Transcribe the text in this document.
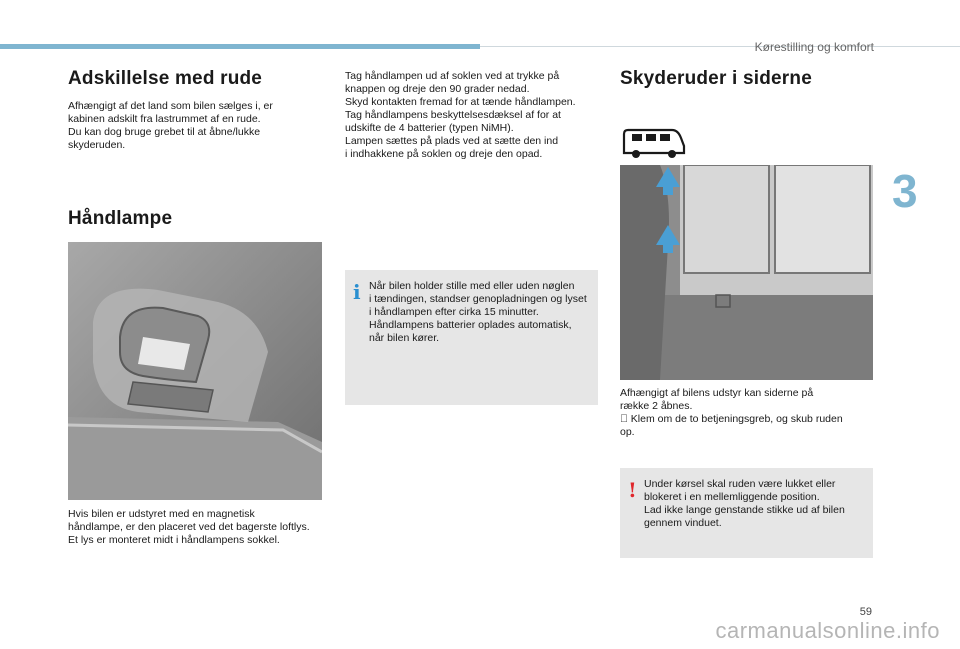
Kørestilling og komfort
3
Adskillelse med rude

Afhængigt af det land som bilen sælges i, er
kabinen adskilt fra lastrummet af en rude.
Du kan dog bruge grebet til at åbne/lukke
skyderuden.

Håndlampe

Hvis bilen er udstyret med en magnetisk
håndlampe, er den placeret ved det bagerste loftlys.
Et lys er monteret midt i håndlampens sokkel.

Tag håndlampen ud af soklen ved at trykke på
knappen og dreje den 90 grader nedad.
Skyd kontakten fremad for at tænde håndlampen.
Tag håndlampens beskyttelsesdæksel af for at
udskifte de 4 batterier (typen NiMH).
Lampen sættes på plads ved at sætte den ind
i indhakkene på soklen og dreje den opad.

i Når bilen holder stille med eller uden nøglen
i tændingen, standser genopladningen og lyset
i håndlampen efter cirka 15 minutter.
Håndlampens batterier oplades automatisk,
når bilen kører.
Skyderuder i siderne

Afhængigt af bilens udstyr kan siderne på
række 2 åbnes.
Klem om de to betjeningsgreb, og skub ruden
op.

! Under kørsel skal ruden være lukket eller
blokeret i en mellemliggende position.
Lad ikke lange genstande stikke ud af bilen
gennem vinduet.
59
carmanualsonline.info
